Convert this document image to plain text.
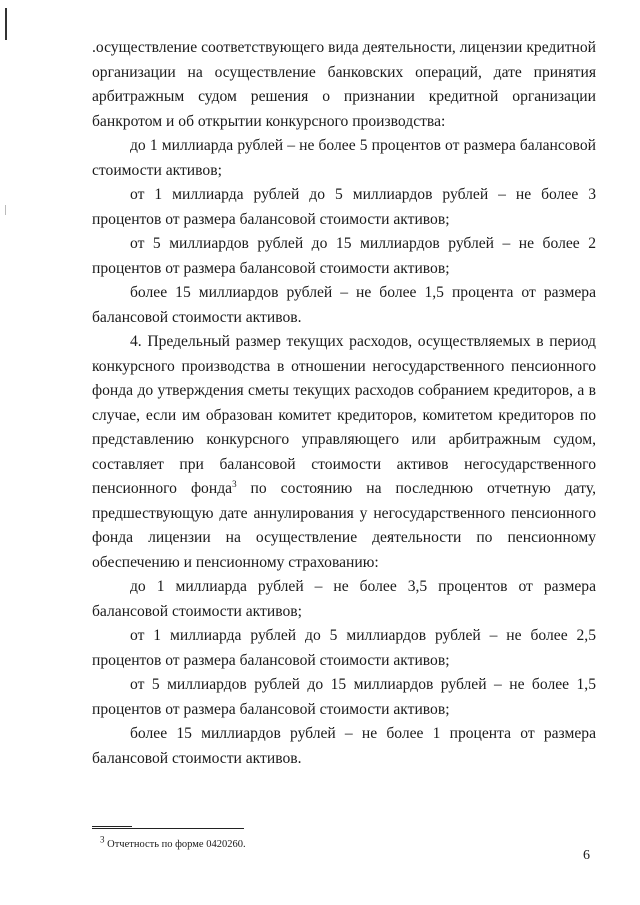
.осуществление соответствующего вида деятельности, лицензии кредитной организации на осуществление банковских операций, дате принятия арбитражным судом решения о признании кредитной организации банкротом и об открытии конкурсного производства:

до 1 миллиарда рублей – не более 5 процентов от размера балансовой стоимости активов;

от 1 миллиарда рублей до 5 миллиардов рублей – не более 3 процентов от размера балансовой стоимости активов;

от 5 миллиардов рублей до 15 миллиардов рублей – не более 2 процентов от размера балансовой стоимости активов;

более 15 миллиардов рублей – не более 1,5 процента от размера балансовой стоимости активов.

4. Предельный размер текущих расходов, осуществляемых в период конкурсного производства в отношении негосударственного пенсионного фонда до утверждения сметы текущих расходов собранием кредиторов, а в случае, если им образован комитет кредиторов, комитетом кредиторов по представлению конкурсного управляющего или арбитражным судом, составляет при балансовой стоимости активов негосударственного пенсионного фонда$^3$ по состоянию на последнюю отчетную дату, предшествующую дате аннулирования у негосударственного пенсионного фонда лицензии на осуществление деятельности по пенсионному обеспечению и пенсионному страхованию:

до 1 миллиарда рублей – не более 3,5 процентов от размера балансовой стоимости активов;

от 1 миллиарда рублей до 5 миллиардов рублей – не более 2,5 процентов от размера балансовой стоимости активов;

от 5 миллиардов рублей до 15 миллиардов рублей – не более 1,5 процентов от размера балансовой стоимости активов;

более 15 миллиардов рублей – не более 1 процента от размера балансовой стоимости активов.

$^3$ Отчетность по форме 0420260.
6
